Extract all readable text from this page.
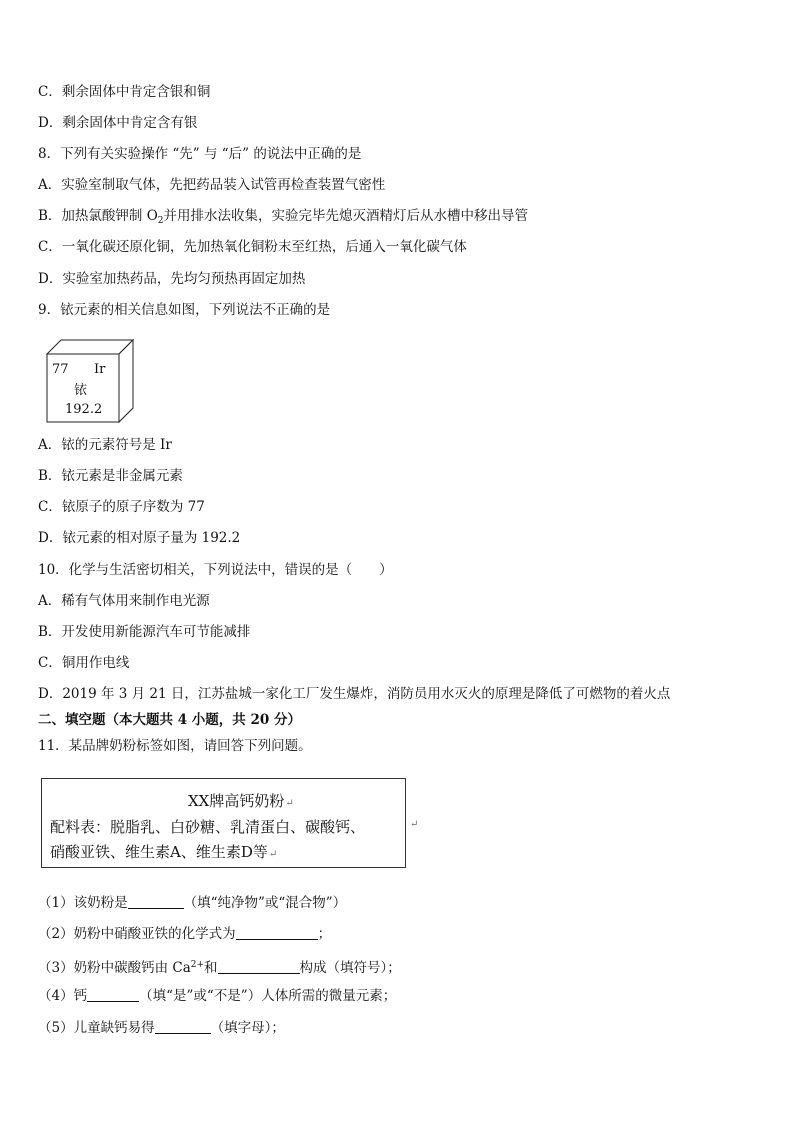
C．剩余固体中肯定含银和铜
D．剩余固体中肯定含有银
8．下列有关实验操作 “先” 与 “后” 的说法中正确的是
A．实验室制取气体，先把药品装入试管再检查装置气密性
B．加热氯酸钾制 $O_2$并用排水法收集，实验完毕先熄灭酒精灯后从水槽中移出导管
C．一氧化碳还原化铜，先加热氧化铜粉末至红热，后通入一氧化碳气体
D．实验室加热药品，先均匀预热再固定加热
9．铱元素的相关信息如图，下列说法不正确的是
77 Ir
铱
192.2
A．铱的元素符号是 Ir
B．铱元素是非金属元素
C．铱原子的原子序数为 77
D．铱元素的相对原子量为 192.2
10．化学与生活密切相关，下列说法中，错误的是（　　）
A．稀有气体用来制作电光源
B．开发使用新能源汽车可节能减排
C．铜用作电线
D．2019 年 3 月 21 日，江苏盐城一家化工厂发生爆炸，消防员用水灭火的原理是降低了可燃物的着火点
二、填空题（本大题共 4 小题，共 20 分）
11．某品牌奶粉标签如图，请回答下列问题。
XX牌高钙奶粉↵
配料表：脱脂乳、白砂糖、乳清蛋白、碳酸钙、
硝酸亚铁、维生素A、维生素D等↵
↵
（1）该奶粉是	（填“纯净物”或“混合物”）
（2）奶粉中硝酸亚铁的化学式为	；
（3）奶粉中碳酸钙由 $Ca^{2+}$和	构成（填符号）；
（4）钙	（填“是”或“不是”）人体所需的微量元素；
（5）儿童缺钙易得	（填字母）；
